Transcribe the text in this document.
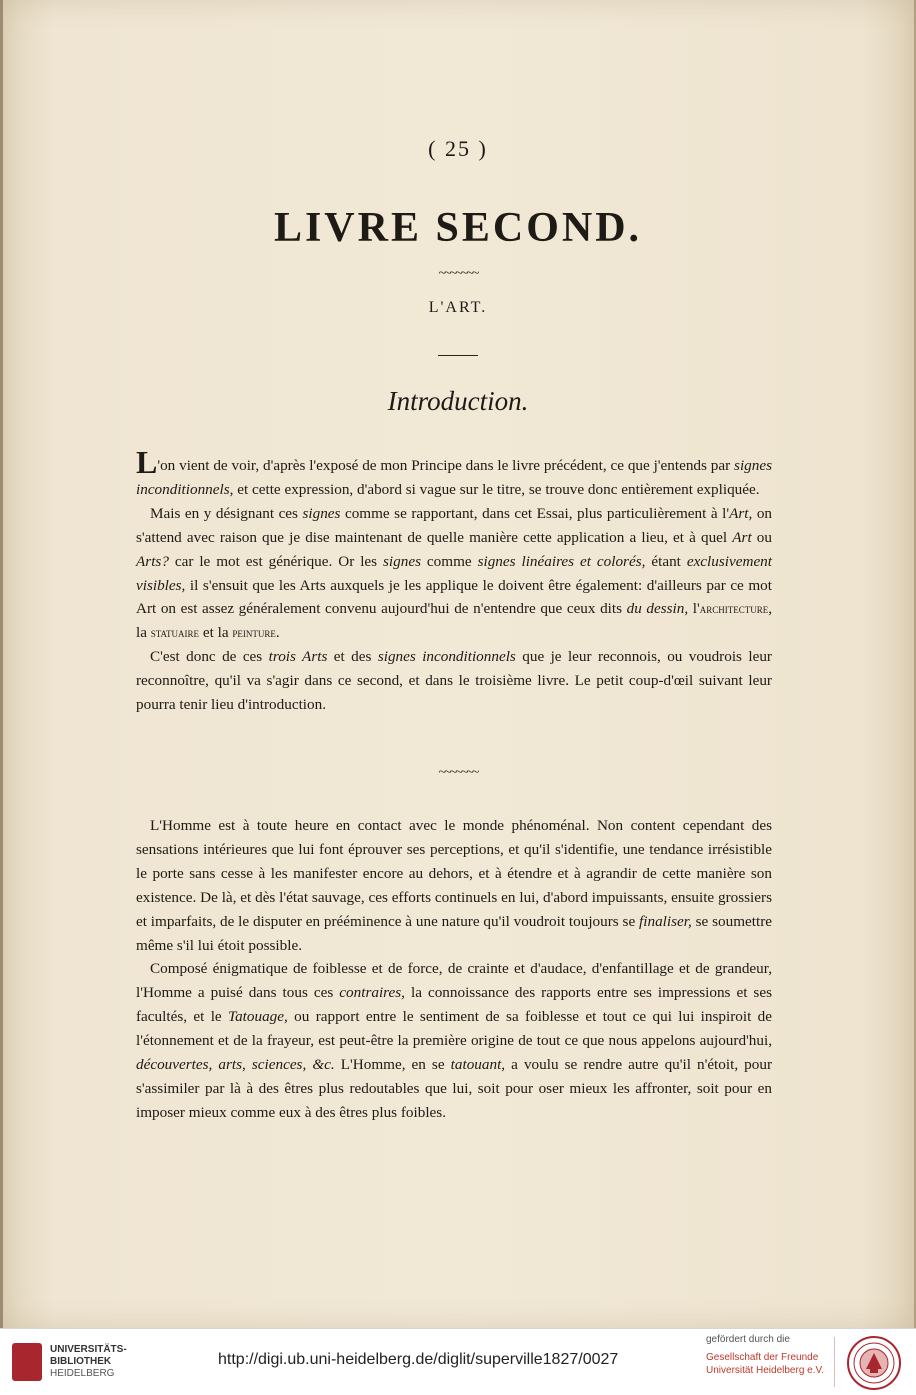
( 25 )
LIVRE SECOND.
~~~~~~~
L'ART.
Introduction.

L'on vient de voir, d'après l'exposé de mon Principe dans le livre précédent, ce que j'entends par signes inconditionnels, et cette expression, d'abord si vague sur le titre, se trouve donc entièrement expliquée.

Mais en y désignant ces signes comme se rapportant, dans cet Essai, plus particulièrement à l'Art, on s'attend avec raison que je dise maintenant de quelle manière cette application a lieu, et à quel Art ou Arts? car le mot est générique. Or les signes comme signes linéaires et colorés, étant exclusivement visibles, il s'ensuit que les Arts auxquels je les applique le doivent être également: d'ailleurs par ce mot Art on est assez généralement convenu aujourd'hui de n'entendre que ceux dits du dessin, l'architecture, la statuaire et la peinture.

C'est donc de ces trois Arts et des signes inconditionnels que je leur reconnois, ou voudrois leur reconnoître, qu'il va s'agir dans ce second, et dans le troisième livre. Le petit coup-d'œil suivant leur pourra tenir lieu d'introduction.

~~~~~~~

L'Homme est à toute heure en contact avec le monde phénoménal. Non content cependant des sensations intérieures que lui font éprouver ses perceptions, et qu'il s'identifie, une tendance irrésistible le porte sans cesse à les manifester encore au dehors, et à étendre et à agrandir de cette manière son existence. De là, et dès l'état sauvage, ces efforts continuels en lui, d'abord impuissants, ensuite grossiers et imparfaits, de le disputer en prééminence à une nature qu'il voudroit toujours se finaliser, se soumettre même s'il lui étoit possible.

Composé énigmatique de foiblesse et de force, de crainte et d'audace, d'enfantillage et de grandeur, l'Homme a puisé dans tous ces contraires, la connoissance des rapports entre ses impressions et ses facultés, et le Tatouage, ou rapport entre le sentiment de sa foiblesse et tout ce qui lui inspiroit de l'étonnement et de la frayeur, est peut-être la première origine de tout ce que nous appelons aujourd'hui, découvertes, arts, sciences, &c. L'Homme, en se tatouant, a voulu se rendre autre qu'il n'étoit, pour s'assimiler par là à des êtres plus redoutables que lui, soit pour oser mieux les affronter, soit pour en imposer mieux comme eux à des êtres plus foibles.

UNIVERSITÄTS-
BIBLIOTHEK
HEIDELBERG
http://digi.ub.uni-heidelberg.de/diglit/superville1827/0027
gefördert durch die
Gesellschaft der Freunde
Universität Heidelberg e.V.
